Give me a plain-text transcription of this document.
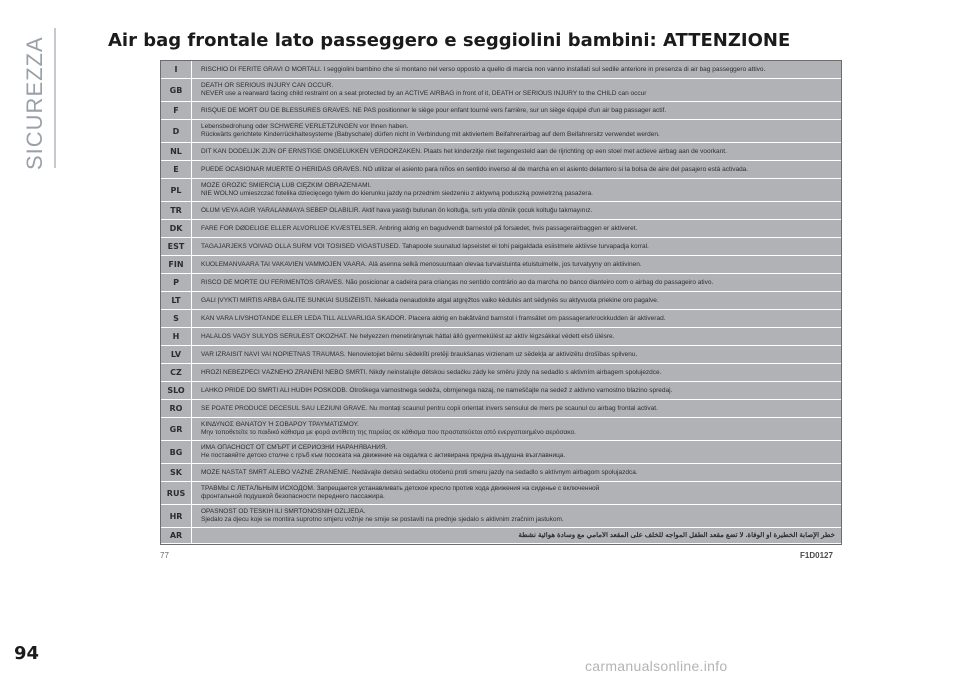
SICUREZZA	Air bag frontale lato passeggero e seggiolini bambini: ATTENZIONE
I	RISCHIO DI FERITE GRAVI O MORTALI. I seggiolini bambino che si montano nel verso opposto a quello di marcia non vanno installati sul sedile anteriore in presenza di air bag passeggero attivo.
GB	DEATH OR SERIOUS INJURY CAN OCCUR.
NEVER use a rearward facing child restraint on a seat protected by an ACTIVE AIRBAG in front of it, DEATH or SERIOUS INJURY to the CHILD can occur
F	RISQUE DE MORT OU DE BLESSURES GRAVES. NE PAS positionner le siège pour enfant tourné vers l'arrière, sur un siège équipé d'un air bag passager actif.
D	Lebensbedrohung oder SCHWERE VERLETZUNGEN vor Ihnen haben.
Rückwärts gerichtete Kinderrückhaltesysteme (Babyschale) dürfen nicht in Verbindung mit aktiviertem Beifahrerairbag auf dem Beifahrersitz verwendet werden.
NL	DIT KAN DODELIJK ZIJN OF ERNSTIGE ONGELUKKEN VEROORZAKEN. Plaats het kinderzitje niet tegengesteld aan de rijrichting op een stoel met actieve airbag aan de voorkant.
E	PUEDE OCASIONAR MUERTE O HERIDAS GRAVES. NO utilizar el asiento para niños en sentido inverso al de marcha en el asiento delantero si la bolsa de aire del pasajero está activada.
PL	MOŻE GROZIĆ ŚMIERCIĄ LUB CIĘŻKIM OBRAŻENIAMI.
NIE WOLNO umieszczać fotelika dziecięcego tyłem do kierunku jazdy na przednim siedzeniu z aktywną poduszką powietrzną pasażera.
TR	ÖLÜM VEYA AĞIR YARALANMAYA SEBEP OLABİLİR. Aktif hava yastığı bulunan ön koltuğa, sırtı yola dönük çocuk koltuğu takmayınız.
DK	FARE FOR DØDELIGE ELLER ALVORLIGE KVÆSTELSER. Anbring aldrig en bagudvendt barnestol på forsædet, hvis passagerairbaggen er aktiveret.
EST	TAGAJÄRJEKS VÕIVAD OLLA SURM VÕI TÕSISED VIGASTUSED. Tahapoole suunatud lapseistet ei tohi paigaldada esiistmele aktiivse turvapadja korral.
FIN	KUOLEMANVAARA TAI VAKAVIEN VAMMOJEN VAARA. Älä asenna selkä menosuuntaan olevaa turvaistuinta etuistuimelle, jos turvatyyny on aktiivinen.
P	RISCO DE MORTE OU FERIMENTOS GRAVES. Não posicionar a cadeira para crianças no sentido contrário ao da marcha no banco dianteiro com o airbag do passageiro ativo.
LT	GALI ĮVYKTI MIRTIS ARBA GALITE SUNKIAI SUSIŽEISTI. Niekada nenaudokite atgal atgręžtos vaiko kėdutės ant sėdynės su aktyvuota priekine oro pagalve.
S	KAN VARA LIVSHOTANDE ELLER LEDA TILL ALLVARLIGA SKADOR. Placera aldrig en bakåtvänd barnstol i framsätet om passagerarkrockkudden är aktiverad.
H	HALÁLOS VAGY SÚLYOS SÉRÜLÉST OKOZHAT. Ne helyezzen menetiránynak háttal álló gyermekülést az aktív légzsákkal védett első ülésre.
LV	VAR IZRAISĪT NĀVI VAI NOPIETNAS TRAUMAS. Nenovietojiet bērnu sēdeklīti pretēji braukšanas virzienam uz sēdekļa ar aktivizētu drošības spilvenu.
CZ	HROZÍ NEBEZPEČÍ VÁŽNÉHO ZRANĚNÍ NEBO SMRTI. Nikdy neinstalujte dětskou sedačku zády ke směru jízdy na sedadlo s aktivním airbagem spolujezdce.
SLO	LAHKO PRIDE DO SMRTI ALI HUDIH POŠKODB. Otroškega varnostnega sedeža, obrnjenega nazaj, ne nameščajte na sedež z aktivno varnostno blazino spredaj.
RO	SE POATE PRODUCE DECESUL SAU LEZIUNI GRAVE. Nu montați scaunul pentru copii orientat invers sensului de mers pe scaunul cu airbag frontal activat.
GR	ΚΙΝΔΥΝΟΣ ΘΑΝΑΤΟΥ Ή ΣΟΒΑΡΟΥ ΤΡΑΥΜΑΤΙΣΜΟΥ.
Μην τοποθετείτε το παιδικό κάθισμα με φορά αντίθετη της πορείας σε κάθισμα που προστατεύεται από ενεργοποιημένο αερόσακο.
BG	ИМА ОПАСНОСТ ОТ СМЪРТ И СЕРИОЗНИ НАРАНЯВАНИЯ.
Не поставяйте детско столче с гръб към посоката на движение на седалка с активирана предна въздушна възглавница.
SK	MÔŽE NASTAŤ SMRŤ ALEBO VÁŽNE ZRANENIE. Nedávajte detskú sedačku otočenú proti smeru jazdy na sedadlo s aktívnym airbagom spolujazdca.
RUS	ТРАВМЫ С ЛЕТАЛЬНЫМ ИСХОДОМ. Запрещается устанавливать детское кресло против хода движения на сиденье с включенной
фронтальной подушкой безопасности переднего пассажира.
HR	OPASNOST OD TEŠKIH ILI SMRTONOSNIH OZLJEDA.
Sjedalo za djecu koje se montira suprotno smjeru vožnje ne smije se postaviti na prednje sjedalo s aktivnim zračnim jastukom.
AR	خطر الإصابة الخطيرة أو الوفاة. لا تضع مقعد الطفل المواجه للخلف على المقعد الأمامي مع وسادة هوائية نشطة
77	F1D0127
94
carmanualsonline.info
